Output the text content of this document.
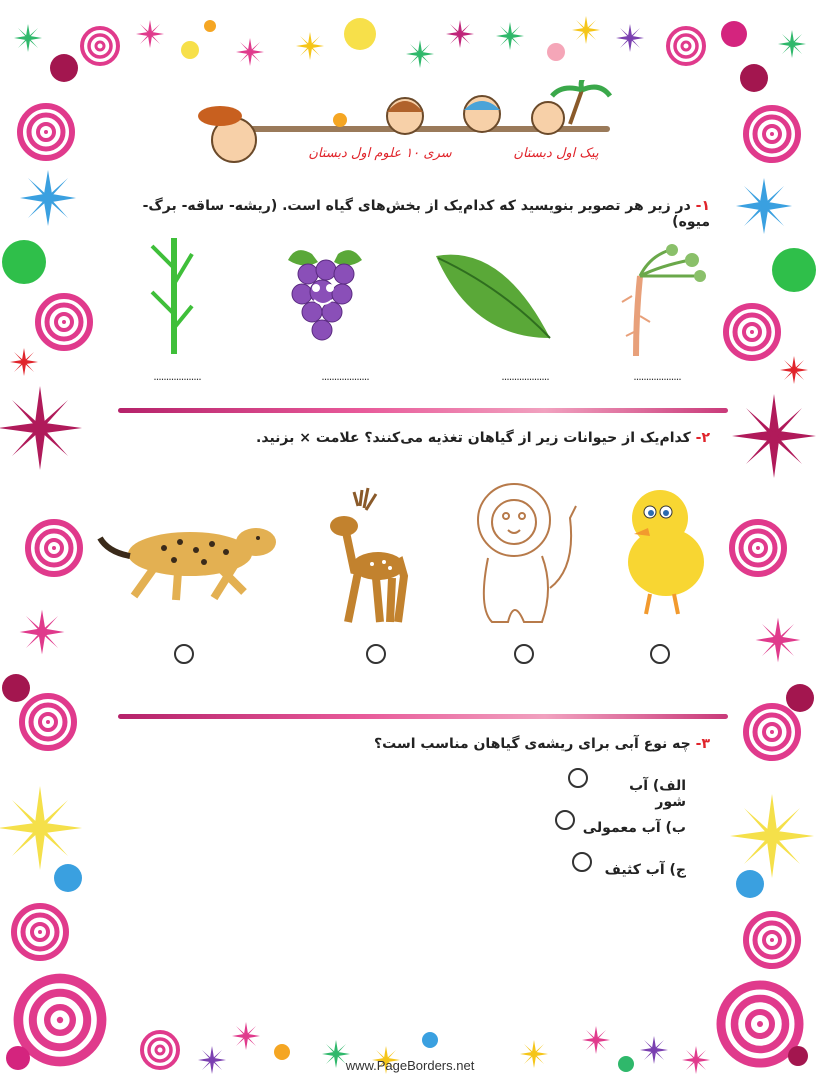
پیک اول دبستان
سری ۱۰ علوم اول دبستان
۱- در زیر هر تصویر بنویسید که کدام‌یک از بخش‌های گیاه است. (ریشه- ساقه- برگ- میوه)
...................
...................
...................
...................
۲- کدام‌یک از حیوانات زیر از گیاهان تغذیه می‌کنند؟ علامت × بزنید.
۳- چه نوع آبی برای ریشه‌ی گیاهان مناسب است؟
الف) آب شور
ب) آب معمولی
ج) آب کثیف
www.PageBorders.net
